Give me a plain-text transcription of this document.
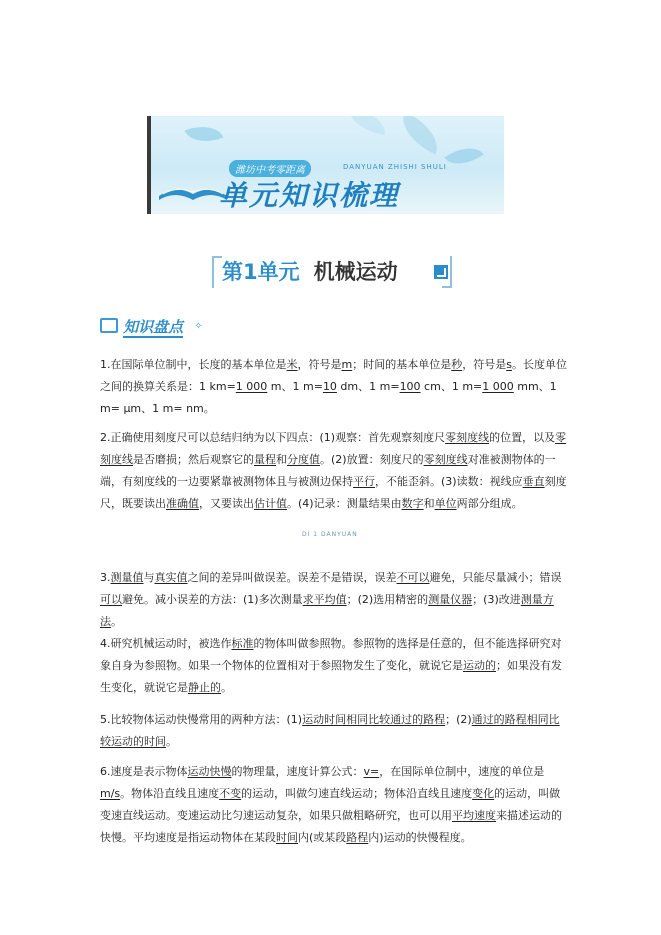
潍坊中考零距离	DANYUAN ZHISHI SHULI
单元知识梳理
第1单元 机械运动
DI 1 DANYUAN
知识盘点 ✧
1.在国际单位制中，长度的基本单位是米，符号是m；时间的基本单位是秒，符号是s。长度单位之间的换算关系是：1 km=1 000 m、1 m=10 dm、1 m=100 cm、1 m=1 000 mm、1 m= μm、1 m= nm。
2.正确使用刻度尺可以总结归纳为以下四点：(1)观察：首先观察刻度尺零刻度线的位置，以及零刻度线是否磨损；然后观察它的量程和分度值。(2)放置：刻度尺的零刻度线对准被测物体的一端，有刻度线的一边要紧靠被测物体且与被测边保持平行，不能歪斜。(3)读数：视线应垂直刻度尺，既要读出准确值，又要读出估计值。(4)记录：测量结果由数字和单位两部分组成。
3.测量值与真实值之间的差异叫做误差。误差不是错误，误差不可以避免，只能尽量减小；错误可以避免。减小误差的方法：(1)多次测量求平均值；(2)选用精密的测量仪器；(3)改进测量方法。
4.研究机械运动时，被选作标准的物体叫做参照物。参照物的选择是任意的，但不能选择研究对象自身为参照物。如果一个物体的位置相对于参照物发生了变化，就说它是运动的；如果没有发生变化，就说它是静止的。
5.比较物体运动快慢常用的两种方法：(1)运动时间相同比较通过的路程；(2)通过的路程相同比较运动的时间。
6.速度是表示物体运动快慢的物理量，速度计算公式：v=，在国际单位制中，速度的单位是m/s。物体沿直线且速度不变的运动，叫做匀速直线运动；物体沿直线且速度变化的运动，叫做变速直线运动。变速运动比匀速运动复杂，如果只做粗略研究，也可以用平均速度来描述运动的快慢。平均速度是指运动物体在某段时间内(或某段路程内)运动的快慢程度。
